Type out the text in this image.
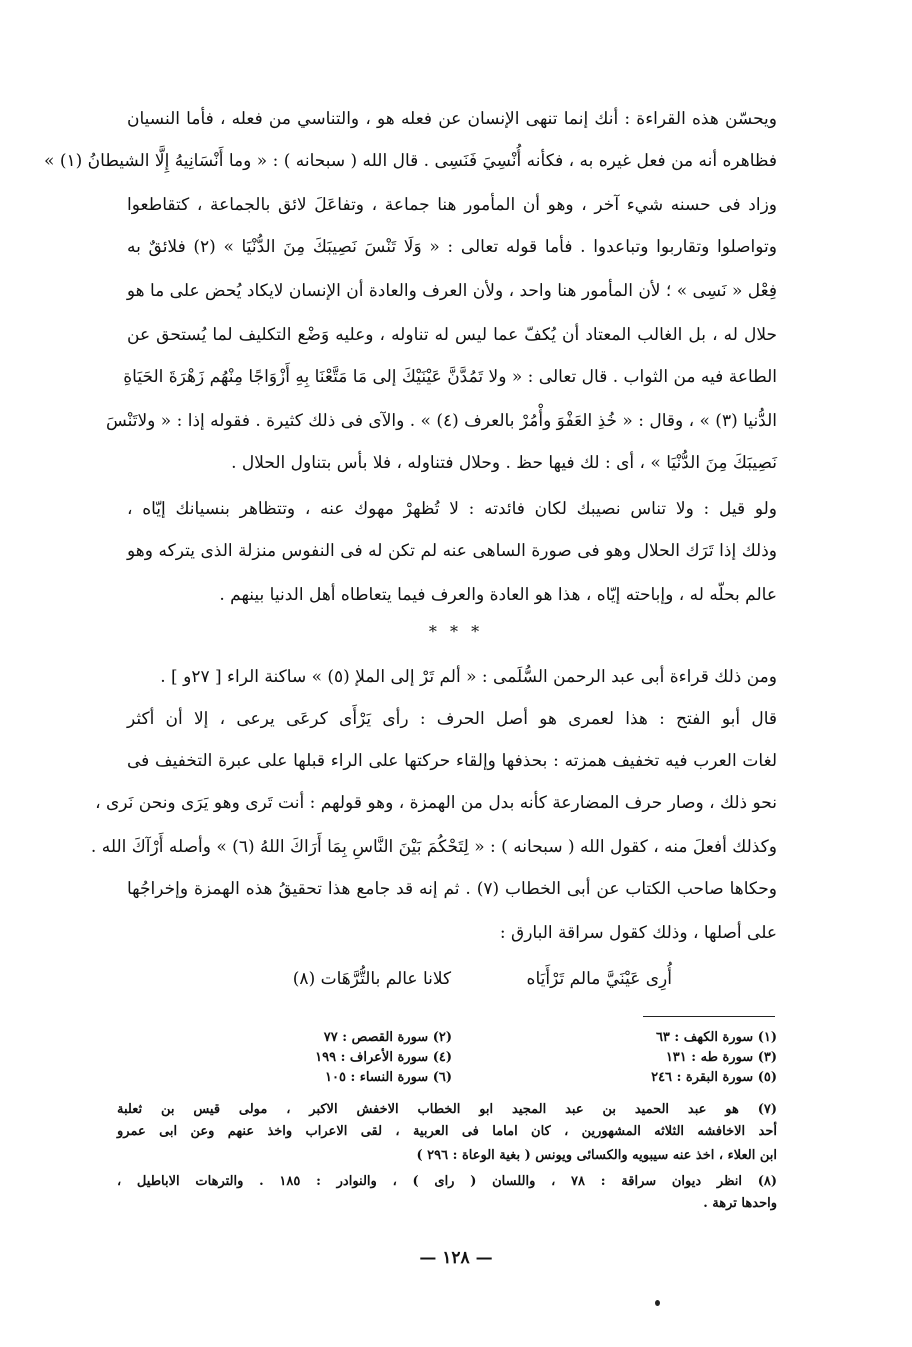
ويحسّن هذه القراءة : أنك إنما تنهى الإنسان عن فعله هو ، والتناسي من فعله ، فأما النسيان
فظاهره أنه من فعل غيره به ، فكأنه أُنْسِيَ فَنَسِى . قال الله ( سبحانه ) : « وما أَنْسَانِيهُ إِلَّا الشيطانُ (١) »
وزاد فى حسنه شيء آخر ، وهو أن المأمور هنا جماعة ، وتفاعَلَ لائق بالجماعة ، كتقاطعوا
وتواصلوا وتقاربوا وتباعدوا . فأما قوله تعالى : « وَلَا تَنْسَ نَصِيبَكَ مِنَ الدُّنْيَا » (٢) فلائقٌ به
فِعْل « نَسِى » ؛ لأن المأمور هنا واحد ، ولأن العرف والعادة أن الإنسان لايكاد يُحض على ما هو
حلال له ، بل الغالب المعتاد أن يُكفّ عما ليس له تناوله ، وعليه وَضْع التكليف لما يُستحق عن
الطاعة فيه من الثواب . قال تعالى : « ولا تَمُدَّنَّ عَيْنَيْكَ إلى مَا مَتَّعْنَا بِهِ أَزْوَاجًا مِنْهُم زَهْرَةَ الحَيَاةِ
الدُّنيا (٣) » ، وقال : « خُذِ العَفْوَ وأْمُرْ بالعرف (٤) » . والآى فى ذلك كثيرة . فقوله إذا : « ولاتَنْسَ
نَصِيبَكَ مِنَ الدُّنْيَا » ، أى : لك فيها حظ . وحلال فتناوله ، فلا بأس بتناول الحلال .
ولو قيل : ولا تناس نصيبك لكان فائدته : لا تُظهرْ مهوك عنه ، وتتظاهر بنسيانك إيّاه ،
وذلك إذا تَرَك الحلال وهو فى صورة الساهى عنه لم تكن له فى النفوس منزلة الذى يتركه وهو
عالم بحلّه له ، وإباحته إيّاه ، هذا هو العادة والعرف فيما يتعاطاه أهل الدنيا بينهم .
* * *
ومن ذلك قراءة أبى عبد الرحمن السُّلَمى : « ألم تَرْ إلى الملإ (٥) » ساكنة الراء [ ٢٧و ] .
قال أبو الفتح : هذا لعمرى هو أصل الحرف : رأى يَرْأَى كرعَى يرعى ، إلا أن أكثر
لغات العرب فيه تخفيف همزته : بحذفها وإلقاء حركتها على الراء قبلها على عبرة التخفيف فى
نحو ذلك ، وصار حرف المضارعة كأنه بدل من الهمزة ، وهو قولهم : أنت تَرى وهو يَرَى ونحن نَرى ،
وكذلك أفعلَ منه ، كقول الله ( سبحانه ) : « لِتَحْكُمَ بَيْنَ النَّاسِ بِمَا أَرَاكَ اللهُ (٦) » وأصله أَرْآكَ الله .
وحكاها صاحب الكتاب عن أبى الخطاب (٧) . ثم إنه قد جامع هذا تحقيقُ هذه الهمزة وإخراجُها
على أصلها ، وذلك كقول سراقة البارق :
أُرِى عَيْنَيَّ مالم تَرْأَيَاه كلانا عالم بالتُّرَّهَات (٨)
(١) سورة الكهف : ٦٣
(٢) سورة القصص : ٧٧
(٣) سورة طه : ١٣١
(٤) سورة الأعراف : ١٩٩
(٥) سورة البقرة : ٢٤٦
(٦) سورة النساء : ١٠٥
(٧) هو عبد الحميد بن عبد المجيد ابو الخطاب الاخفش الاكبر ، مولى قيس بن ثعلبة
أحد الاخافشه الثلاثه المشهورين ، كان اماما فى العربية ، لقى الاعراب واخذ عنهم وعن ابى عمرو
ابن العلاء ، اخذ عنه سيبويه والكسائى ويونس ( بغية الوعاة : ٢٩٦ )
(٨) انظر ديوان سراقة : ٧٨ ، واللسان ( راى ) ، والنوادر : ١٨٥ . والترهات الاباطيل ،
واحدها ترهة .
— ١٢٨ —
